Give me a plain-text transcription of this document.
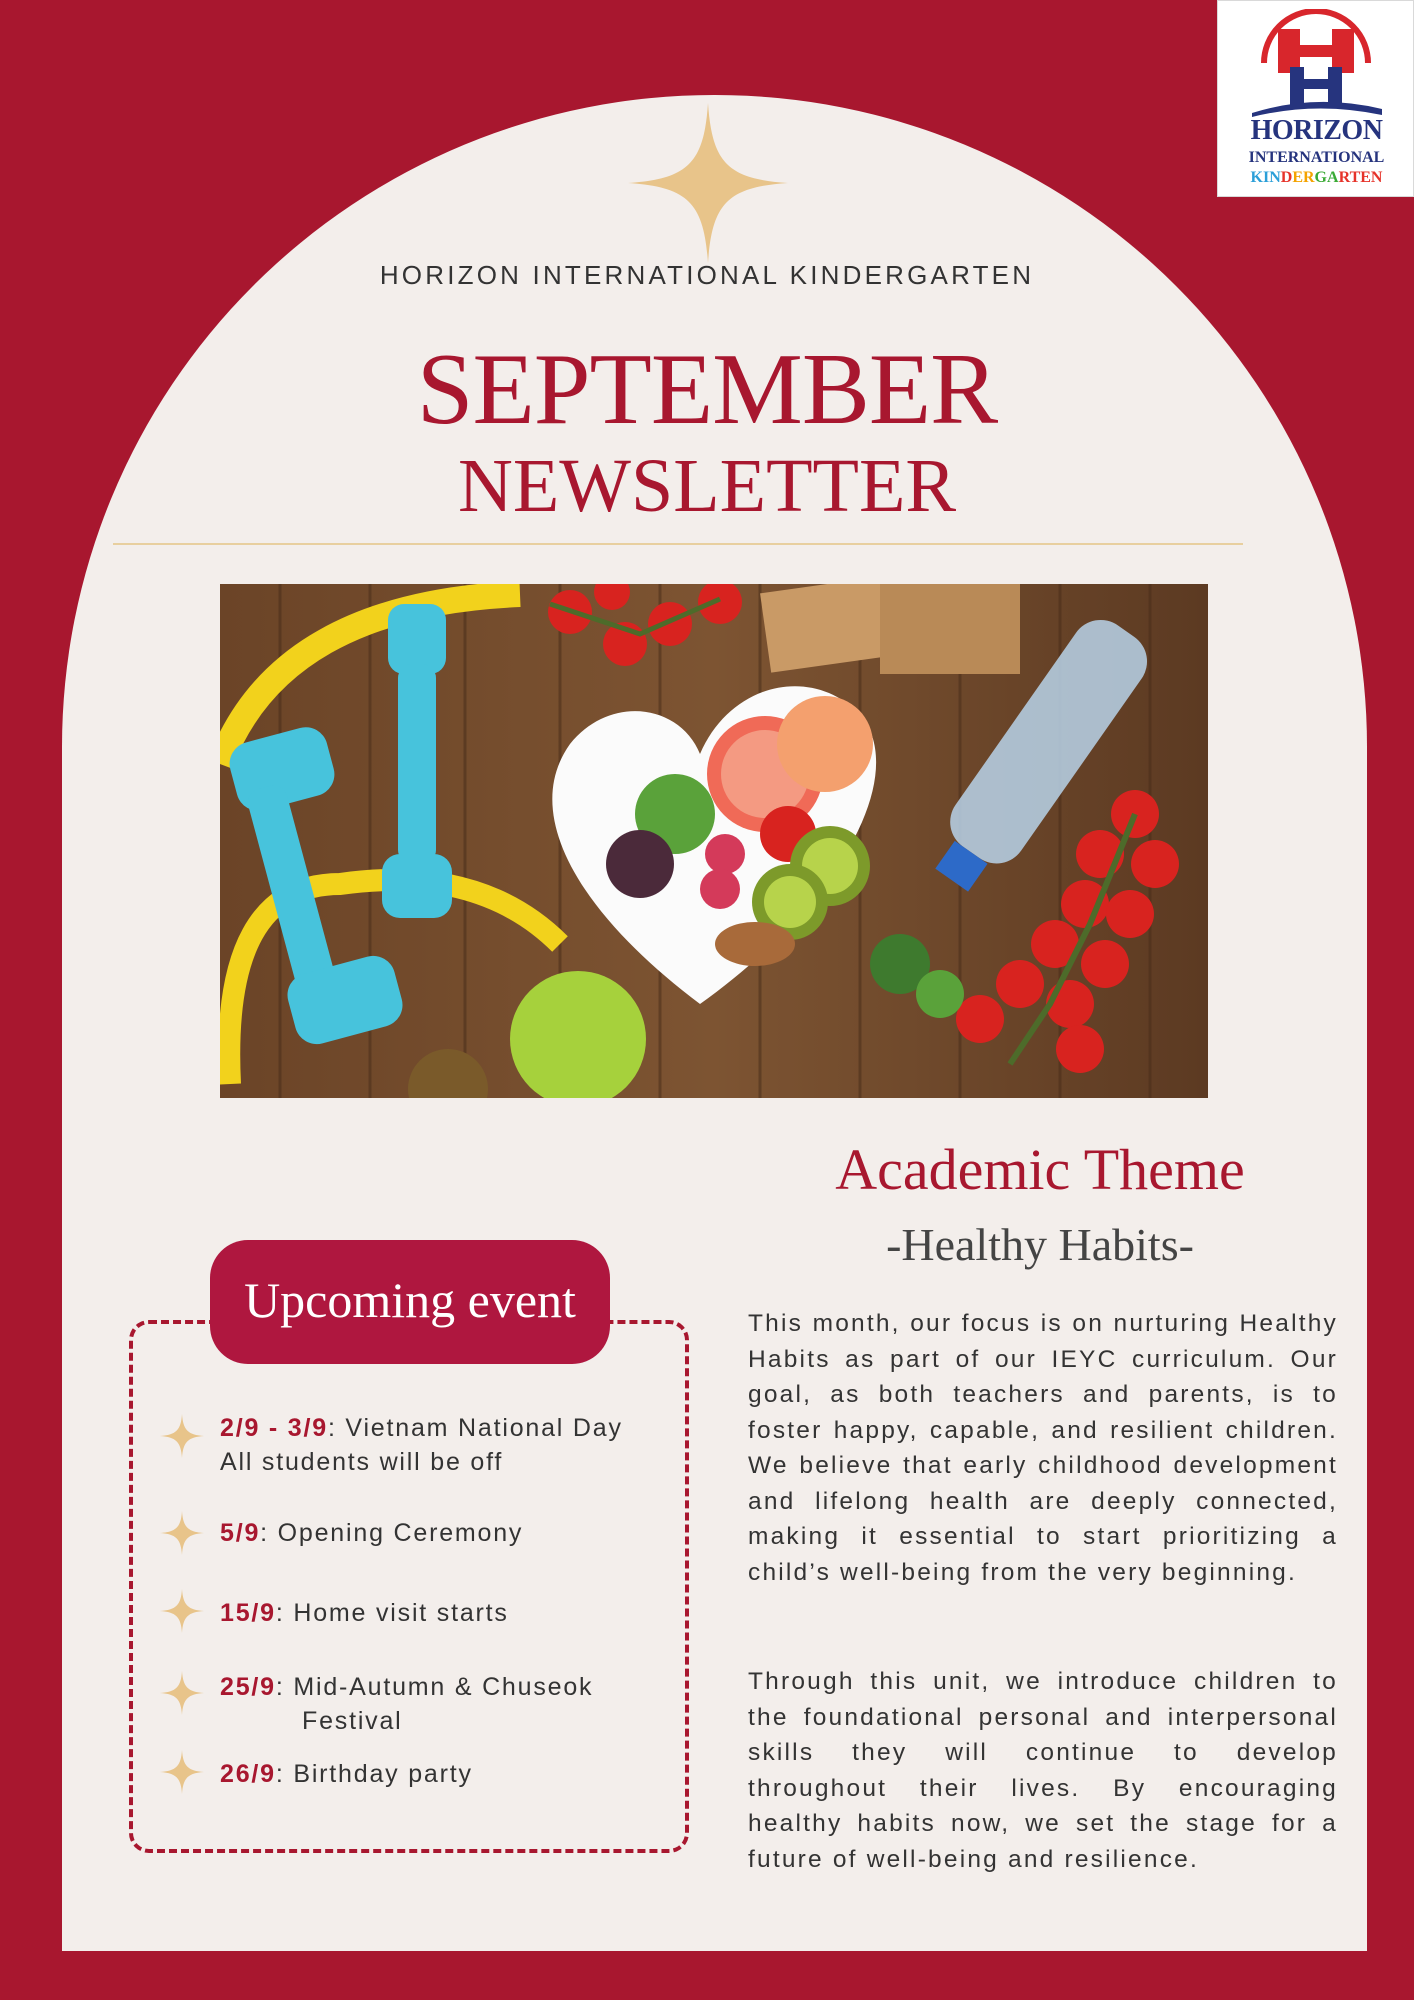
HORIZON
INTERNATIONAL
KINDERGARTEN
HORIZON INTERNATIONAL KINDERGARTEN
SEPTEMBER
NEWSLETTER
Academic Theme
-Healthy Habits-

This month, our focus is on nurturing Healthy Habits as part of our IEYC curriculum. Our goal, as both teachers and parents, is to foster happy, capable, and resilient children. We believe that early childhood development and lifelong health are deeply connected, making it essential to start prioritizing a child’s well-being from the very beginning.

Through this unit, we introduce children to the foundational personal and interpersonal skills they will continue to develop throughout their lives. By encouraging healthy habits now, we set the stage for a future of well-being and resilience.

Upcoming event
2/9 - 3/9: Vietnam National Day
All students will be off
5/9: Opening Ceremony
15/9: Home visit starts
25/9: Mid-Autumn & Chuseok Festival
26/9: Birthday party
